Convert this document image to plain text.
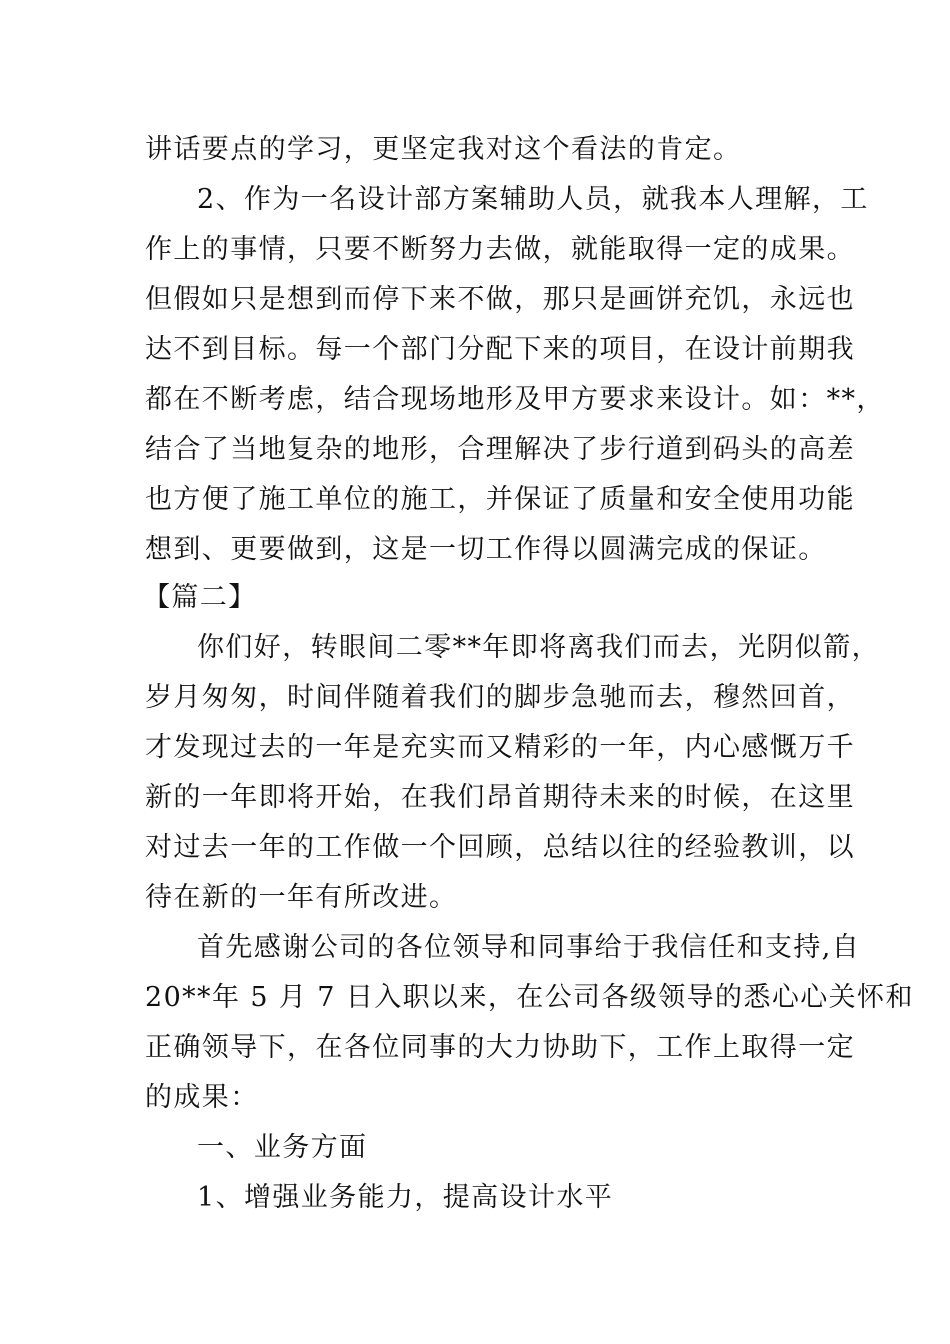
讲话要点的学习，更坚定我对这个看法的肯定。
2、作为一名设计部方案辅助人员，就我本人理解，工
作上的事情，只要不断努力去做，就能取得一定的成果。
但假如只是想到而停下来不做，那只是画饼充饥，永远也
达不到目标。每一个部门分配下来的项目，在设计前期我
都在不断考虑，结合现场地形及甲方要求来设计。如：**，
结合了当地复杂的地形，合理解决了步行道到码头的高差
也方便了施工单位的施工，并保证了质量和安全使用功能
想到、更要做到，这是一切工作得以圆满完成的保证。
【篇二】
你们好，转眼间二零**年即将离我们而去，光阴似箭，
岁月匆匆，时间伴随着我们的脚步急驰而去，穆然回首，
才发现过去的一年是充实而又精彩的一年，内心感慨万千
新的一年即将开始，在我们昂首期待未来的时候，在这里
对过去一年的工作做一个回顾，总结以往的经验教训，以
待在新的一年有所改进。
首先感谢公司的各位领导和同事给于我信任和支持,自
20**年 5 月 7 日入职以来，在公司各级领导的悉心心关怀和
正确领导下，在各位同事的大力协助下，工作上取得一定
的成果：
一、业务方面
1、增强业务能力，提高设计水平
